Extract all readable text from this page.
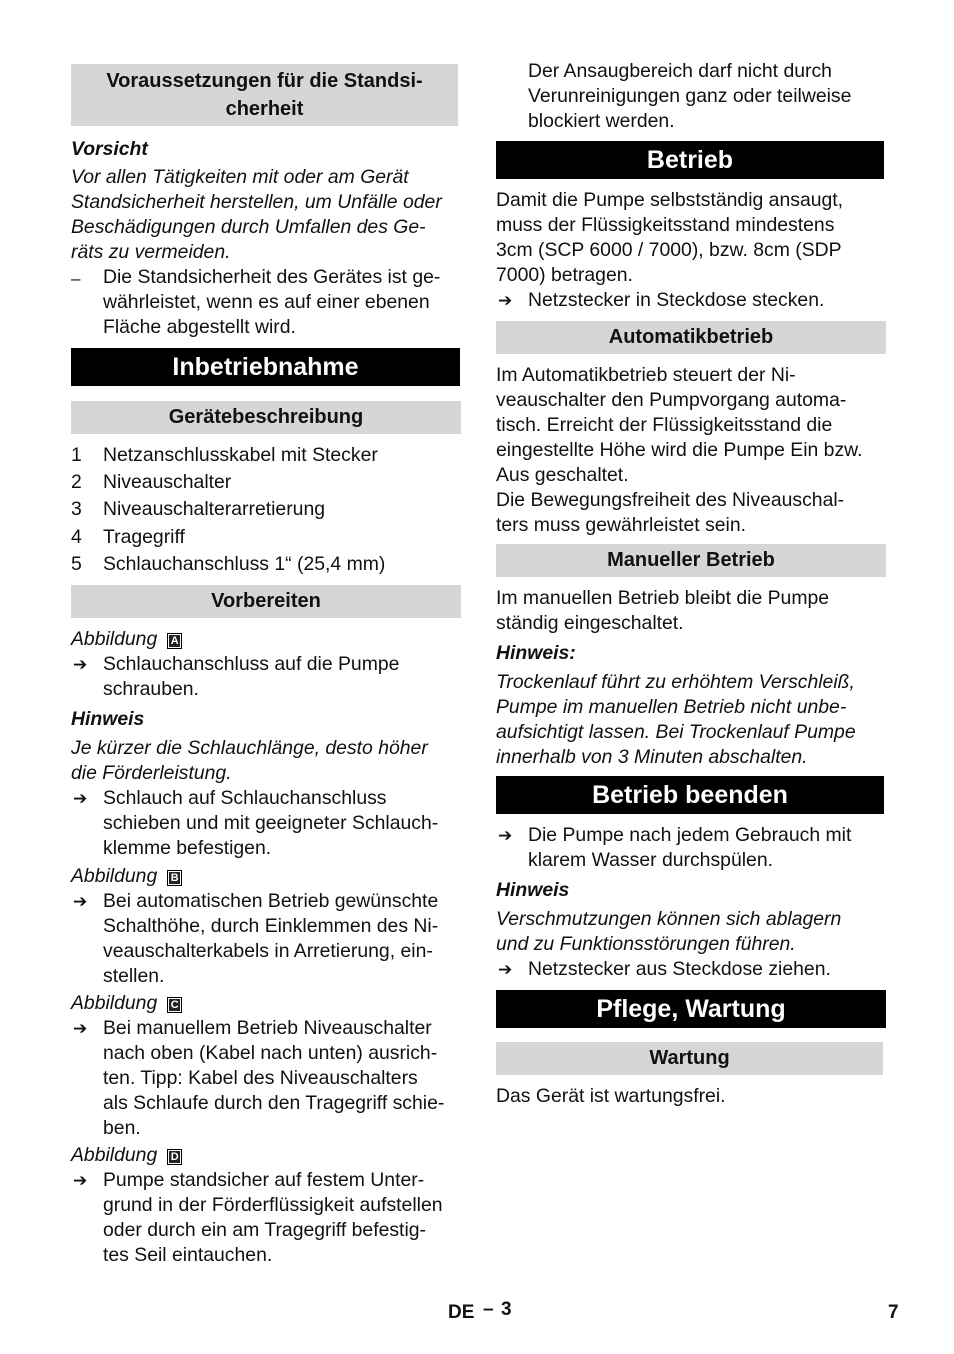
Voraussetzungen für die Standsi-
cherheit
Vorsicht
Vor allen Tätigkeiten mit oder am Gerät
Standsicherheit herstellen, um Unfälle oder
Beschädigungen durch Umfallen des Ge-
räts zu vermeiden.
– Die Standsicherheit des Gerätes ist ge-
währleistet, wenn es auf einer ebenen
Fläche abgestellt wird.
Inbetriebnahme
Gerätebeschreibung
1 Netzanschlusskabel mit Stecker
2 Niveauschalter
3 Niveauschalterarretierung
4 Tragegriff
5 Schlauchanschluss 1“ (25,4 mm)
Vorbereiten
Abbildung A
➔ Schlauchanschluss auf die Pumpe
schrauben.
Hinweis
Je kürzer die Schlauchlänge, desto höher
die Förderleistung.
➔ Schlauch auf Schlauchanschluss
schieben und mit geeigneter Schlauch-
klemme befestigen.
Abbildung B
➔ Bei automatischen Betrieb gewünschte
Schalthöhe, durch Einklemmen des Ni-
veauschalterkabels in Arretierung, ein-
stellen.
Abbildung C
➔ Bei manuellem Betrieb Niveauschalter
nach oben (Kabel nach unten) ausrich-
ten. Tipp: Kabel des Niveauschalters
als Schlaufe durch den Tragegriff schie-
ben.
Abbildung D
➔ Pumpe standsicher auf festem Unter-
grund in der Förderflüssigkeit aufstellen
oder durch ein am Tragegriff befestig-
tes Seil eintauchen.
Der Ansaugbereich darf nicht durch
Verunreinigungen ganz oder teilweise
blockiert werden.
Betrieb
Damit die Pumpe selbstständig ansaugt,
muss der Flüssigkeitsstand mindestens
3cm (SCP 6000 / 7000), bzw. 8cm (SDP
7000) betragen.
➔ Netzstecker in Steckdose stecken.
Automatikbetrieb
Im Automatikbetrieb steuert der Ni-
veauschalter den Pumpvorgang automa-
tisch. Erreicht der Flüssigkeitsstand die
eingestellte Höhe wird die Pumpe Ein bzw.
Aus geschaltet.
Die Bewegungsfreiheit des Niveauschal-
ters muss gewährleistet sein.
Manueller Betrieb
Im manuellen Betrieb bleibt die Pumpe
ständig eingeschaltet.
Hinweis:
Trockenlauf führt zu erhöhtem Verschleiß,
Pumpe im manuellen Betrieb nicht unbe-
aufsichtigt lassen. Bei Trockenlauf Pumpe
innerhalb von 3 Minuten abschalten.
Betrieb beenden
➔ Die Pumpe nach jedem Gebrauch mit
klarem Wasser durchspülen.
Hinweis
Verschmutzungen können sich ablagern
und zu Funktionsstörungen führen.
➔ Netzstecker aus Steckdose ziehen.
Pflege, Wartung
Wartung
Das Gerät ist wartungsfrei.
DE – 3	7
